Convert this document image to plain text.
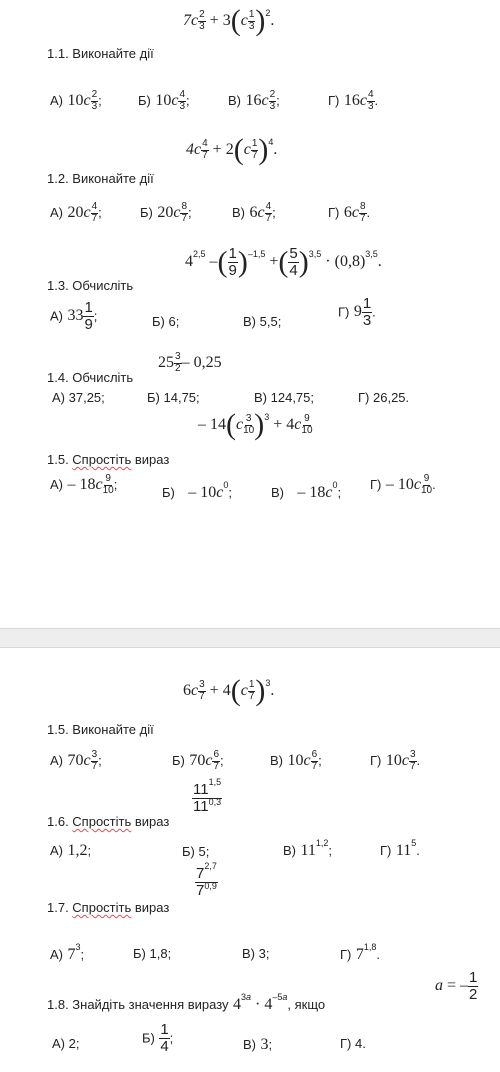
$7c \frac{2}{3} + 3(c \frac{1}{3} )^2$.
1.1. Виконайте дії
А) $10c \frac{2}{3}$ ;	Б) $10c \frac{4}{3}$ ;	В) $16c \frac{2}{3}$ ;	Г) $16c \frac{4}{3}$ .
$4c \frac{4}{7} + 2(c \frac{1}{7} )^4$.
1.2. Виконайте дії
А) $20c \frac{4}{7}$ ;	Б) $20c \frac{8}{7}$ ;	В) $6c \frac{4}{7}$ ;	Г) $6c \frac{8}{7}$ .
4$^{2,5}$ –( $\frac{1}{9} )^{-1,5}$ +( $\frac{5}{4} )^{3,5} \cdot (0,8)^{3,5}$.
1.3. Обчисліть
А) $33 \frac{1}{9}$ ;	Б) 6;	В) 5,5;
Г) $9 \frac{1}{3}$ .
1.4. Обчисліть
$25 \frac{3}{2} - 0,25$
А) 37,25;	Б) 14,75;	В) 124,75;	Г) 26,25.
– $14(c \frac{3}{10} )^3 + 4c \frac{9}{10}$
1.5. Спростіть вираз
$А) - 18c \frac{9}{10}$ ;
$Б) - 10c^0$;	$В) - 18c^0$;
$Г) - 10c \frac{9}{10}$ .
$6c \frac{3}{7} + 4(c \frac{1}{7} )^3$.
1.5. Виконайте дії
А) $70c \frac{3}{7}$ ;	Б) $70c \frac{6}{7}$ ;	В) $10c \frac{6}{7}$ ;	Г) $10c \frac{3}{7}$ .
$\frac{11^{1,5}}{11^{0,3}}$
1.6. Спростіть вираз
А) 1,2;	Б) 5;	В) 11$^{1,2}$;	Г) $11^5$.
$\frac{7^{2,7}}{7^{0,9}}$
1.7. Спростіть вираз
А) $7^3$;	Б) 1,8;	В) 3;	Г) 7$^{1,8}$.
a = – $\frac{1}{2}$
1.8. Знайдіть значення виразу $4^{3a} \cdot 4^{-5a}$, якщо
А) 2;	$Б) \frac{1}{4}$ ;	В) 3;	Г) 4.
